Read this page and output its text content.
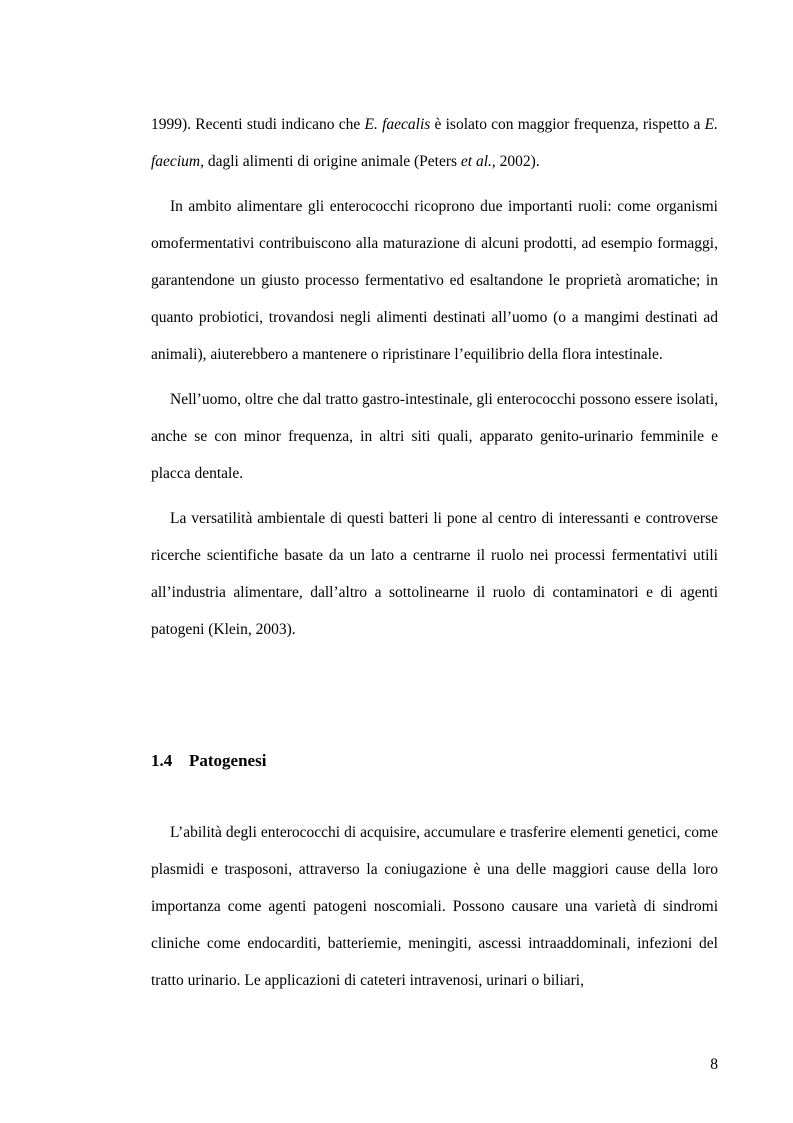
1999). Recenti studi indicano che E. faecalis è isolato con maggior frequenza, rispetto a E. faecium, dagli alimenti di origine animale (Peters et al., 2002).

In ambito alimentare gli enterococchi ricoprono due importanti ruoli: come organismi omofermentativi contribuiscono alla maturazione di alcuni prodotti, ad esempio formaggi, garantendone un giusto processo fermentativo ed esaltandone le proprietà aromatiche; in quanto probiotici, trovandosi negli alimenti destinati all’uomo (o a mangimi destinati ad animali), aiuterebbero a mantenere o ripristinare l’equilibrio della flora intestinale.

Nell’uomo, oltre che dal tratto gastro-intestinale, gli enterococchi possono essere isolati, anche se con minor frequenza, in altri siti quali, apparato genito-urinario femminile e placca dentale.

La versatilità ambientale di questi batteri li pone al centro di interessanti e controverse ricerche scientifiche basate da un lato a centrarne il ruolo nei processi fermentativi utili all’industria alimentare, dall’altro a sottolinearne il ruolo di contaminatori e di agenti patogeni (Klein, 2003).

1.4 Patogenesi

L’abilità degli enterococchi di acquisire, accumulare e trasferire elementi genetici, come plasmidi e trasposoni, attraverso la coniugazione è una delle maggiori cause della loro importanza come agenti patogeni noscomiali. Possono causare una varietà di sindromi cliniche come endocarditi, batteriemie, meningiti, ascessi intraaddominali, infezioni del tratto urinario. Le applicazioni di cateteri intravenosi, urinari o biliari,

8
